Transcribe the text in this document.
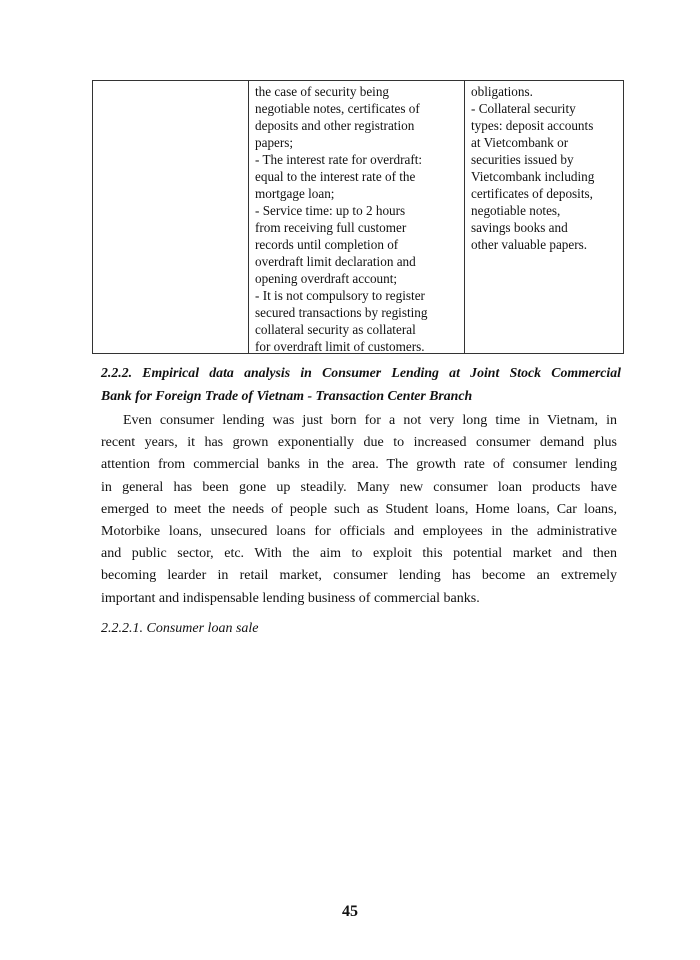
the case of security being
negotiable notes, certificates of
deposits and other registration
papers;
- The interest rate for overdraft:
equal to the interest rate of the
mortgage loan;
- Service time: up to 2 hours
from receiving full customer
records until completion of
overdraft limit declaration and
opening overdraft account;
- It is not compulsory to register
secured transactions by registing
collateral security as collateral
for overdraft limit of customers.
obligations.
- Collateral security
types: deposit accounts
at Vietcombank or
securities issued by
Vietcombank including
certificates of deposits,
negotiable notes,
savings books and
other valuable papers.
2.2.2. Empirical data analysis in Consumer Lending at Joint Stock Commercial
Bank for Foreign Trade of Vietnam - Transaction Center Branch
Even consumer lending was just born for a not very long time in Vietnam, in
recent years, it has grown exponentially due to increased consumer demand plus
attention from commercial banks in the area. The growth rate of consumer lending
in general has been gone up steadily. Many new consumer loan products have
emerged to meet the needs of people such as Student loans, Home loans, Car loans,
Motorbike loans, unsecured loans for officials and employees in the administrative
and public sector, etc. With the aim to exploit this potential market and then
becoming learder in retail market, consumer lending has become an extremely
important and indispensable lending business of commercial banks.
2.2.2.1. Consumer loan sale
45
